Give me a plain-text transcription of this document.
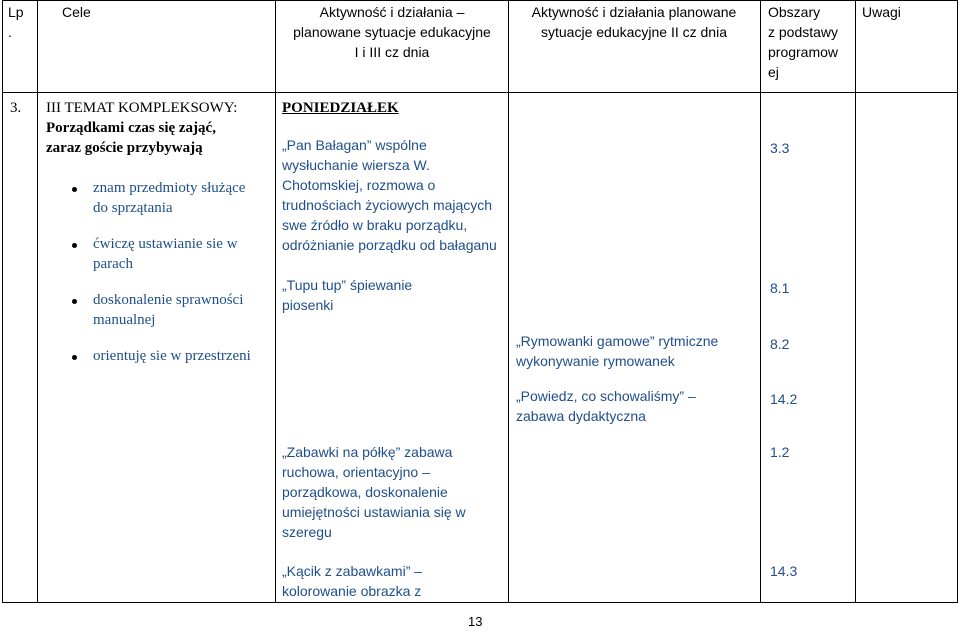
Lp
.
Cele	Aktywność i działania –
planowane sytuacje edukacyjne
I i III cz dnia
Aktywność i działania planowane
sytuacje edukacyjne II cz dnia
Obszary
z podstawy
programow
ej
Uwagi
3. III TEMAT KOMPLEKSOWY:
Porządkami czas się zająć,
zaraz goście przybywają
znam przedmioty służące
do sprzątania
ćwiczę ustawianie sie w
parach
doskonalenie sprawności
manualnej
orientuję sie w przestrzeni
PONIEDZIAŁEK
„Pan Bałagan” wspólne
wysłuchanie wiersza W.
Chotomskiej, rozmowa o
trudnościach życiowych mających
swe źródło w braku porządku,
odróżnianie porządku od bałaganu
„Tupu tup” śpiewanie
piosenki
„Zabawki na półkę” zabawa
ruchowa, orientacyjno –
porządkowa, doskonalenie
umiejętności ustawiania się w
szeregu
„Kącik z zabawkami” –
kolorowanie obrazka z
„Rymowanki gamowe” rytmiczne
wykonywanie rymowanek
„Powiedz, co schowaliśmy” –
zabawa dydaktyczna
3.3
8.1
8.2
14.2
1.2
14.3
13
